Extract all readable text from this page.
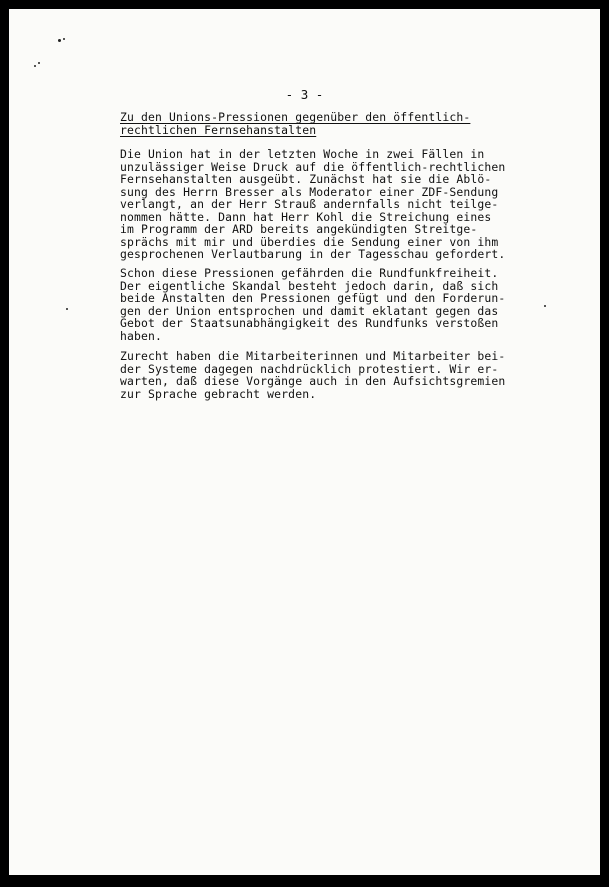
- 3 -

Zu den Unions-Pressionen gegenüber den öffentlich-
rechtlichen Fernsehanstalten
Die Union hat in der letzten Woche in zwei Fällen in
unzulässiger Weise Druck auf die öffentlich-rechtlichen
Fernsehanstalten ausgeübt. Zunächst hat sie die Ablö-
sung des Herrn Bresser als Moderator einer ZDF-Sendung
verlangt, an der Herr Strauß andernfalls nicht teilge-
nommen hätte. Dann hat Herr Kohl die Streichung eines
im Programm der ARD bereits angekündigten Streitge-
sprächs mit mir und überdies die Sendung einer von ihm
gesprochenen Verlautbarung in der Tagesschau gefordert.
Schon diese Pressionen gefährden die Rundfunkfreiheit.
Der eigentliche Skandal besteht jedoch darin, daß sich
beide Anstalten den Pressionen gefügt und den Forderun-
gen der Union entsprochen und damit eklatant gegen das
Gebot der Staatsunabhängigkeit des Rundfunks verstoßen
haben.
Zurecht haben die Mitarbeiterinnen und Mitarbeiter bei-
der Systeme dagegen nachdrücklich protestiert. Wir er-
warten, daß diese Vorgänge auch in den Aufsichtsgremien
zur Sprache gebracht werden.
